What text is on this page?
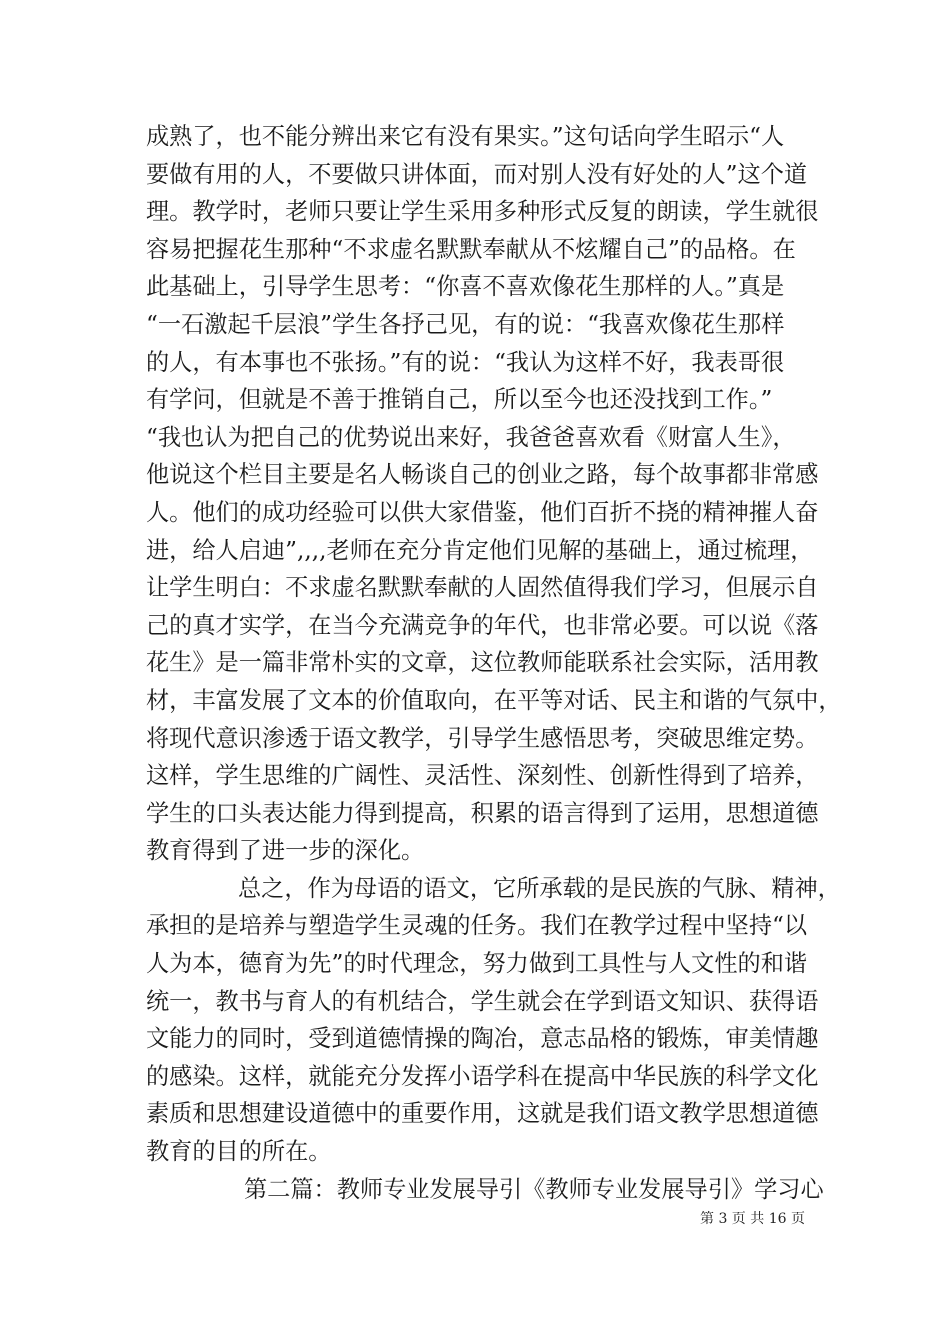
成熟了，也不能分辨出来它有没有果实。”这句话向学生昭示“人
要做有用的人，不要做只讲体面，而对别人没有好处的人”这个道
理。教学时，老师只要让学生采用多种形式反复的朗读，学生就很
容易把握花生那种“不求虚名默默奉献从不炫耀自己”的品格。在
此基础上，引导学生思考：“你喜不喜欢像花生那样的人。”真是
“一石激起千层浪”学生各抒己见，有的说：“我喜欢像花生那样
的人，有本事也不张扬。”有的说：“我认为这样不好，我表哥很
有学问，但就是不善于推销自己，所以至今也还没找到工作。”
“我也认为把自己的优势说出来好，我爸爸喜欢看《财富人生》，
他说这个栏目主要是名人畅谈自己的创业之路，每个故事都非常感
人。他们的成功经验可以供大家借鉴，他们百折不挠的精神摧人奋
进，给人启迪”,,,,老师在充分肯定他们见解的基础上，通过梳理，
让学生明白：不求虚名默默奉献的人固然值得我们学习，但展示自
己的真才实学，在当今充满竞争的年代，也非常必要。可以说《落
花生》是一篇非常朴实的文章，这位教师能联系社会实际，活用教
材，丰富发展了文本的价值取向，在平等对话、民主和谐的气氛中，
将现代意识渗透于语文教学，引导学生感悟思考，突破思维定势。
这样，学生思维的广阔性、灵活性、深刻性、创新性得到了培养，
学生的口头表达能力得到提高，积累的语言得到了运用，思想道德
教育得到了进一步的深化。
总之，作为母语的语文，它所承载的是民族的气脉、精神，
承担的是培养与塑造学生灵魂的任务。我们在教学过程中坚持“以
人为本，德育为先”的时代理念，努力做到工具性与人文性的和谐
统一，教书与育人的有机结合，学生就会在学到语文知识、获得语
文能力的同时，受到道德情操的陶冶，意志品格的锻炼，审美情趣
的感染。这样，就能充分发挥小语学科在提高中华民族的科学文化
素质和思想建设道德中的重要作用，这就是我们语文教学思想道德
教育的目的所在。
第二篇：教师专业发展导引《教师专业发展导引》学习心
第 3 页 共 16 页
